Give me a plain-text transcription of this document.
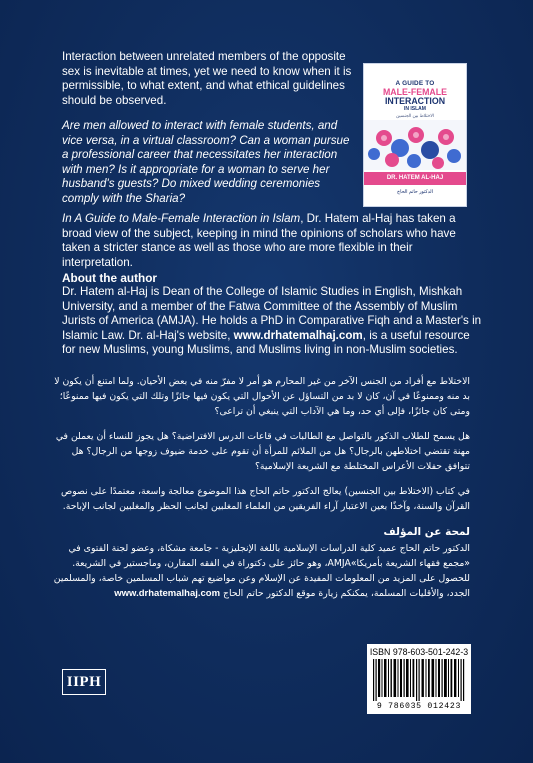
Interaction between unrelated members of the opposite sex is inevitable at times, yet we need to know when it is permissible, to what extent, and what ethical guidelines should be observed.
Are men allowed to interact with female students, and vice versa, in a virtual classroom? Can a woman pursue a professional career that necessitates her interaction with men? Is it appropriate for a woman to serve her husband's guests? Do mixed wedding ceremonies comply with the Sharia?
In A Guide to Male-Female Interaction in Islam, Dr. Hatem al-Haj has taken a broad view of the subject, keeping in mind the opinions of scholars who have taken a stricter stance as well as those who are more flexible in their interpretation.
About the author
Dr. Hatem al-Haj is Dean of the College of Islamic Studies in English, Mishkah University, and a member of the Fatwa Committee of the Assembly of Muslim Jurists of America (AMJA). He holds a PhD in Comparative Fiqh and a Master's in Islamic Law. Dr. al-Haj's website, www.drhatemalhaj.com, is a useful resource for new Muslims, young Muslims, and Muslims living in non-Muslim societies.
A GUIDE TO
MALE-FEMALE
INTERACTION
IN ISLAM
الاختلاط بين الجنسين
DR. HATEM AL-HAJ
الدكتور حاتم الحاج
الاختلاط مع أفراد من الجنس الآخر من غير المحارم هو أمر لا مفرّ منه في بعض الأحيان. ولما امتنع أن يكون لا بد منه وممنوعًا في آن، كان لا بد من التساؤل عن الأحوال التي يكون فيها جائزًا وتلك التي يكون فيها ممنوعًا؛ ومتى كان جائزًا، فإلى أي حد، وما هي الآداب التي ينبغي أن تراعى؟
هل يسمح للطلاب الذكور بالتواصل مع الطالبات في قاعات الدرس الافتراضية؟ هل يجوز للنساء أن يعملن في مهنة تقتضي اختلاطهن بالرجال؟ هل من الملائم للمرأة أن تقوم على خدمة ضيوف زوجها من الرجال؟ هل تتوافق حفلات الأعراس المختلطة مع الشريعة الإسلامية؟
في كتاب (الاختلاط بين الجنسين) يعالج الدكتور حاتم الحاج هذا الموضوع معالجة واسعة، معتمدًا على نصوص القرآن والسنة، وآخذًا بعين الاعتبار آراء الفريقين من العلماء المغلبين لجانب الحظر والمغلبين لجانب الإباحة.
لمحة عن المؤلف
الدكتور حاتم الحاج عميد كلية الدراسات الإسلامية باللغة الإنجليزية - جامعة مشكاة، وعضو لجنة الفتوى في «مجمع فقهاء الشريعة بأمريكا»AMJA، وهو حائز على دكتوراة في الفقه المقارن، وماجستير في الشريعة. للحصول على المزيد من المعلومات المفيدة عن الإسلام وعن مواضيع تهم شباب المسلمين خاصة، والمسلمين الجدد، والأقليات المسلمة، يمكنكم زيارة موقع الدكتور حاتم الحاج www.drhatemalhaj.com
IIPH
ISBN 978-603-501-242-3
9 786035 012423
